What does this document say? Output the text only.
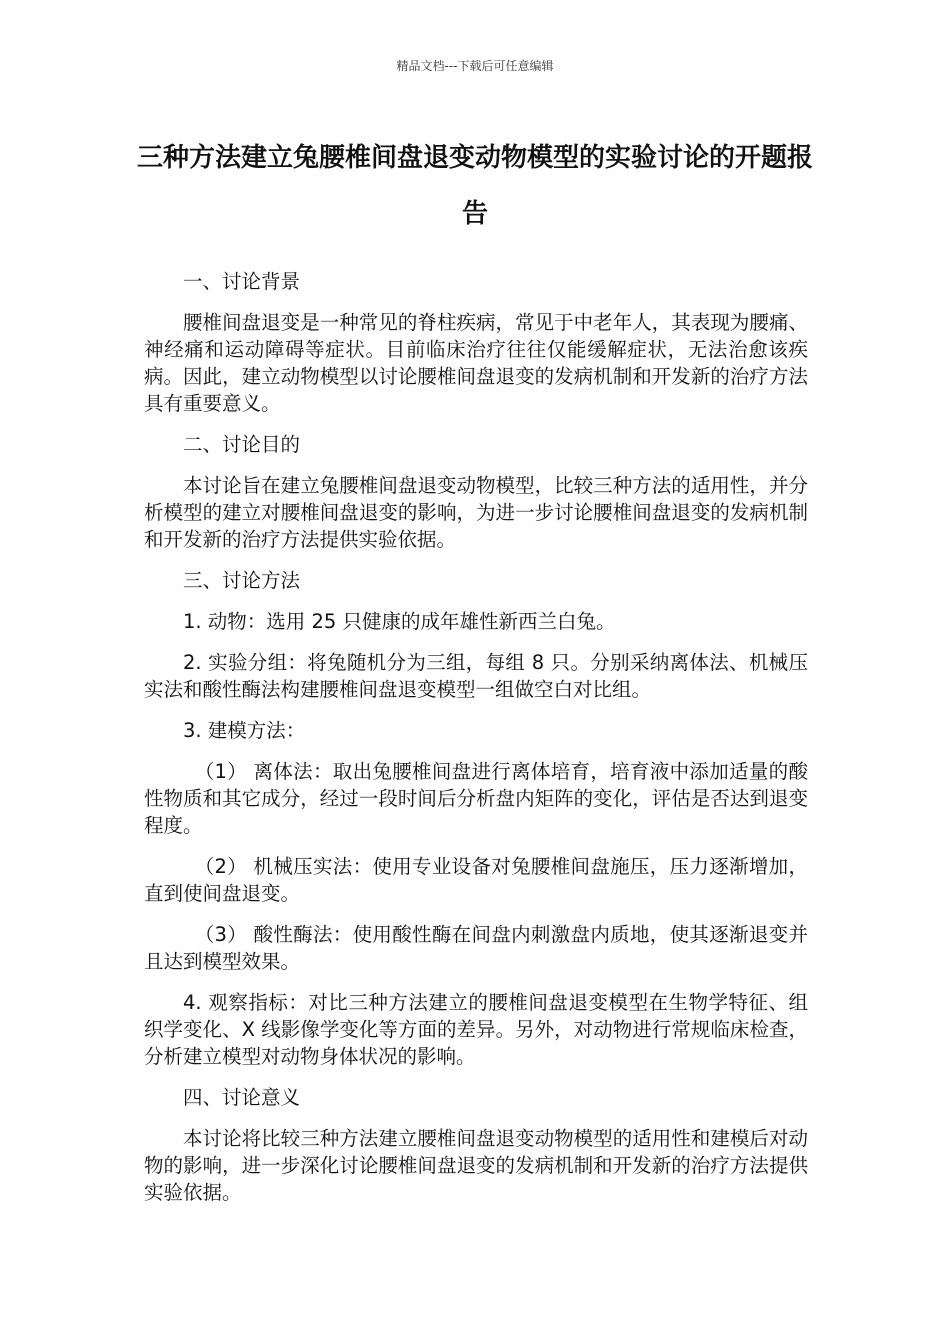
精品文档---下载后可任意编辑
三种方法建立兔腰椎间盘退变动物模型的实验讨论的开题报告

一、讨论背景

腰椎间盘退变是一种常见的脊柱疾病，常见于中老年人，其表现为腰痛、神经痛和运动障碍等症状。目前临床治疗往往仅能缓解症状，无法治愈该疾病。因此，建立动物模型以讨论腰椎间盘退变的发病机制和开发新的治疗方法具有重要意义。

二、讨论目的

本讨论旨在建立兔腰椎间盘退变动物模型，比较三种方法的适用性，并分析模型的建立对腰椎间盘退变的影响，为进一步讨论腰椎间盘退变的发病机制和开发新的治疗方法提供实验依据。

三、讨论方法

1. 动物：选用 25 只健康的成年雄性新西兰白兔。

2. 实验分组：将兔随机分为三组，每组 8 只。分别采纳离体法、机械压实法和酸性酶法构建腰椎间盘退变模型一组做空白对比组。

3. 建模方法：

（1） 离体法：取出兔腰椎间盘进行离体培育，培育液中添加适量的酸性物质和其它成分，经过一段时间后分析盘内矩阵的变化，评估是否达到退变程度。

（2） 机械压实法：使用专业设备对兔腰椎间盘施压，压力逐渐增加，直到使间盘退变。

（3） 酸性酶法：使用酸性酶在间盘内刺激盘内质地，使其逐渐退变并且达到模型效果。

4. 观察指标：对比三种方法建立的腰椎间盘退变模型在生物学特征、组织学变化、X 线影像学变化等方面的差异。另外，对动物进行常规临床检查，分析建立模型对动物身体状况的影响。

四、讨论意义

本讨论将比较三种方法建立腰椎间盘退变动物模型的适用性和建模后对动物的影响，进一步深化讨论腰椎间盘退变的发病机制和开发新的治疗方法提供实验依据。
